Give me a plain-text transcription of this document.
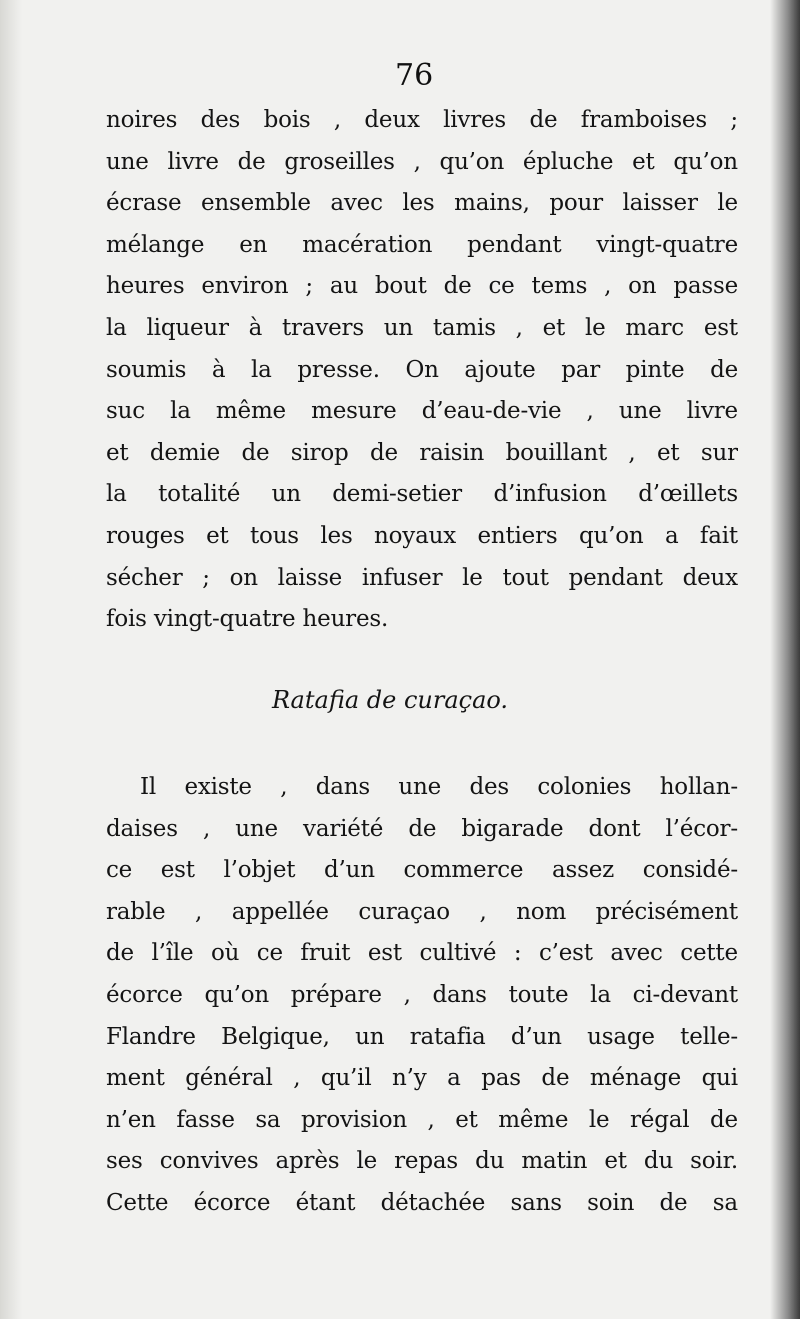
76

noires des bois , deux livres de framboises ;
une livre de groseilles , qu’on épluche et qu’on
écrase ensemble avec les mains, pour laisser le
mélange en macération pendant vingt-quatre
heures environ ; au bout de ce tems , on passe
la liqueur à travers un tamis , et le marc est
soumis à la presse. On ajoute par pinte de
suc la même mesure d’eau-de-vie , une livre
et demie de sirop de raisin bouillant , et sur
la totalité un demi-setier d’infusion d’œillets
rouges et tous les noyaux entiers qu’on a fait
sécher ; on laisse infuser le tout pendant deux
fois vingt-quatre heures.

Ratafia de curaçao.

Il existe , dans une des colonies hollan-
daises , une variété de bigarade dont l’écor-
ce est l’objet d’un commerce assez considé-
rable , appellée curaçao , nom précisément
de l’île où ce fruit est cultivé : c’est avec cette
écorce qu’on prépare , dans toute la ci-devant
Flandre Belgique, un ratafia d’un usage telle-
ment général , qu’il n’y a pas de ménage qui
n’en fasse sa provision , et même le régal de
ses convives après le repas du matin et du soir.
Cette écorce étant détachée sans soin de sa
